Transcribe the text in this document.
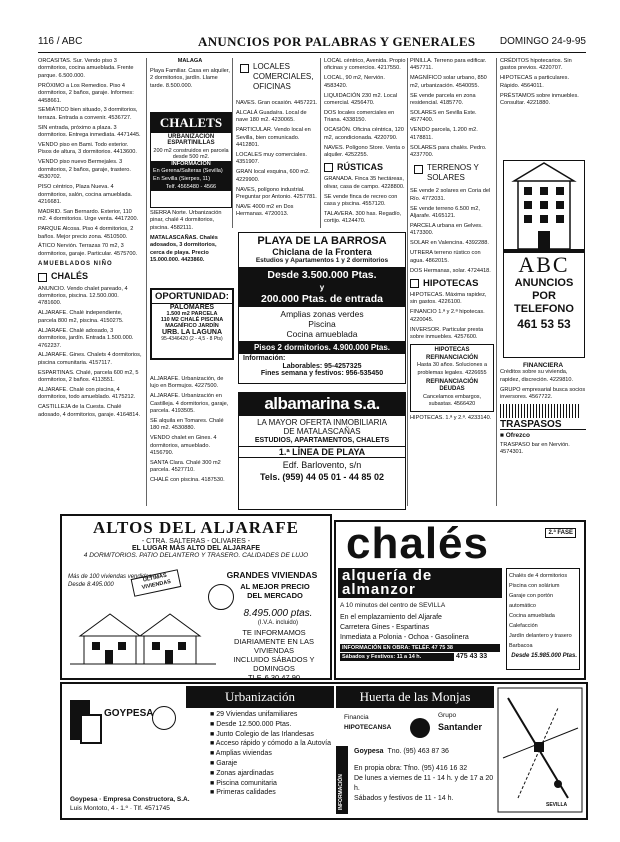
116 / ABC	ANUNCIOS POR PALABRAS Y GENERALES DOMINGO 24-9-95

ORCASITAS. Sur. Vendo piso 3 dormitorios, cocina amueblada. Frente parque. 6.500.000.

PRÓXIMO a Los Remedios. Piso 4 dormitorios, 2 baños, garaje. Informes: 4458661.

SEMIÁTICO bien situado, 3 dormitorios, terraza. Entrada a convenir. 4536727.

SIN entrada, próximo a plaza. 3 dormitorios. Entrega inmediata. 4471445.

VENDO piso en Bami. Todo exterior. Pisos de altura, 3 dormitorios. 4413600.

VENDO piso nuevo Bermejales. 3 dormitorios, 2 baños, garaje, trastero. 4530702.

PISO céntrico, Plaza Nueva. 4 dormitorios, salón, cocina amueblada. 4216681.

MADRID. San Bernardo. Exterior, 110 m2. 4 dormitorios. Urge venta. 4417200.

PARQUE Alcosa. Piso 4 dormitorios, 2 baños. Mejor precio zona. 4510500.

ÁTICO Nervión. Terrazas 70 m2, 3 dormitorios, garaje. Particular. 4575700.

AMUEBLADOS NIÑO
CHALÉS

ANUNCIO. Vendo chalet pareado, 4 dormitorios, piscina. 12.500.000. 4781600.

ALJARAFE. Chalé independiente, parcela 800 m2, piscina. 4150275.

ALJARAFE. Chalé adosado, 3 dormitorios, jardín. Entrada 1.500.000. 4762237.

ALJARAFE. Gines. Chalets 4 dormitorios, piscina comunitaria. 4157117.

ESPARTINAS. Chalé, parcela 600 m2, 5 dormitorios, 2 baños. 4113551.

ALJARAFE. Chalé con piscina, 4 dormitorios, todo amueblado. 4175212.

CASTILLEJA de la Cuesta. Chalé adosado, 4 dormitorios, garaje. 4164814.

MALAGA

Playa Familiar. Casa en alquiler, 2 dormitorios, jardín. Llame tarde. 8.500.000.

CHALETS
URBANIZACIÓN ESPARTINILLAS
200 m2 construidos en parcela desde 500 m2.
INFORMACIÓN
En Gerena/Salteras (Sevilla)
En Sevilla (Sierpes, 11)
Telf. 4565480 - 4566

SIERRA Norte. Urbanización pinar, chalé 4 dormitorios, piscina. 4582111.

MATALASCAÑAS. Chalés adosados, 3 dormitorios, cerca de playa. Precio 15.000.000. 4423860.

OPORTUNIDAD:
PALOMARES
1.500 m2 PARCELA
110 M2 CHALÉ PISCINA
MAGNÍFICO JARDÍN
URB. LA LAGUNA
95-4346420 (2 - 4,5 - 8 Pts)

ALJARAFE. Urbanización, de lujo en Bormujos. 4227500.

ALJARAFE. Urbanización en Castilleja. 4 dormitorios, garaje, parcela. 4193505.

SE alquila en Tomares. Chalé 180 m2. 4530880.

VENDO chalet en Gines. 4 dormitorios, amueblado. 4156790.

SANTA Clara. Chalé 300 m2 parcela. 4527710.

CHALÉ con piscina. 4187530.

LOCALES COMERCIALES, OFICINAS

NAVES. Gran ocasión. 4457221.

ALCALÁ Guadaíra. Local de nave 180 m2. 4230065.

PARTICULAR. Vendo local en Sevilla, bien comunicado. 4412801.

LOCALES muy comerciales. 4351907.

GRAN local esquina, 600 m2. 4229900.

NAVES, polígono industrial. Preguntar por Antonio. 4257781.

NAVE 4000 m2 en Dos Hermanas. 4720013.

LOCAL céntrico, Avenida. Propio oficinas y comercios. 4217550.

LOCAL, 90 m2, Nervión. 4583420.

LIQUIDACIÓN 230 m2. Local comercial. 4256470.

DOS locales comerciales en Triana. 4338150.

OCASIÓN. Oficina céntrica, 120 m2, acondicionada. 4220790.

NAVES. Polígono Store. Venta o alquiler. 4252255.

RÚSTICAS

GRANADA. Finca 35 hectáreas, olivar, casa de campo. 4228800.

SE vende finca de recreo con casa y piscina. 4557120.

TALAVERA. 300 has. Regadío, cortijo. 4124470.

PLAYA DE LA BARROSA
Chiclana de la Frontera
Estudios y Apartamentos 1 y 2 dormitorios
Desde 3.500.000 Ptas.
y
200.000 Ptas. de entrada
Amplias zonas verdes
Piscina
Cocina amueblada
Pisos 2 dormitorios. 4.900.000 Ptas.
Información:
Laborables: 95-4257325
Fines semana y festivos: 956-535450
albamarina s.a.
LA MAYOR OFERTA INMOBILIARIA
DE MATALASCAÑAS
ESTUDIOS, APARTAMENTOS, CHALETS
1.ª LÍNEA DE PLAYA
Edf. Barlovento, s/n
Tels. (959) 44 05 01 - 44 85 02

PINILLA. Terreno para edificar. 4457711.

MAGNÍFICO solar urbano, 850 m2, urbanización. 4540055.

SE vende parcela en zona residencial. 4185770.

SOLARES en Sevilla Este. 4577400.

VENDO parcela, 1.200 m2. 4178811.

SOLARES para chalés. Pedro. 4237700.

TERRENOS Y SOLARES

SE vende 2 solares en Coria del Río. 4772031.

SE vende terreno 6.500 m2, Aljarafe. 4165121.

PARCELA urbana en Gelves. 4173300.

SOLAR en Valencina. 4392288.

UTRERA terreno rústico con agua. 4862015.

DOS Hermanas, solar. 4724418.

HIPOTECAS

HIPOTECAS. Máxima rapidez, sin gastos. 4226100.

FINANCIO 1.ª y 2.ª hipotecas. 4220045.

INVERSOR. Particular presta sobre inmuebles. 4257600.

HIPOTECAS
REFINANCIACIÓN
Hasta 30 años. Soluciones a problemas legales. 4226655
REFINANCIACIÓN
DEUDAS
Cancelamos embargos, subastas. 4566420

HIPOTECAS. 1.ª y 2.ª. 4233140.

CRÉDITOS hipotecarios. Sin gastos previos. 4220707.

HIPOTECAS a particulares. Rápido. 4564011.

PRÉSTAMOS sobre inmuebles. Consultar. 4221880.

ABC
ANUNCIOS
POR
TELEFONO
461 53 53
FINANCIERA

Créditos sobre su vivienda, rapidez, discreción. 4229810.

GRUPO empresarial busca socios inversores. 4567722.

TRASPASOS
■ Ofrezco

TRASPASO bar en Nervión. 4574301.

ALTOS DEL ALJARAFE
- CTRA. SALTERAS - OLIVARES -
EL LUGAR MÁS ALTO DEL ALJARAFE
4 DORMITORIOS. PATIO DELANTERO Y TRASERO. CALIDADES DE LUJO
Más de 100 viviendas vendidas
Desde 8.495.000
ÚLTIMAS VIVIENDAS
GRANDES VIVIENDAS
AL MEJOR PRECIO DEL MERCADO
8.495.000 ptas.
(I.V.A. incluido)
TE INFORMAMOS
DIARIAMENTE EN LAS VIVIENDAS
INCLUIDO SÁBADOS Y DOMINGOS
TLF. 6 30 47 90
chalés	2.ª FASE
alquería de almanzor
A 10 minutos del centro de SEVILLA
En el emplazamiento del Aljarafe
Carretera Gines - Espartinas
Inmediata a Polonia - Ochoa - Gasolinera
INFORMACIÓN EN OBRA: TELÉF. 47 75 38
Sábados y Festivos: 11 a 14 h.	475 43 33
Chalés de 4 dormitorios
Piscina con solárium
Garaje con portón automático
Cocina amueblada
Calefacción
Jardín delantero y trasero
Barbacoa
Desde 15.985.000 Ptas.
GOYPESA
Urbanización	Huerta de las Monjas
■ 29 Viviendas unifamiliares
■ Desde 12.500.000 Ptas.
■ Junto Colegio de las Irlandesas
■ Acceso rápido y cómodo a la Autovía
■ Amplias viviendas
■ Garaje
■ Zonas ajardinadas
■ Piscina comunitaria
■ Primeras calidades
Goypesa · Empresa Constructora, S.A.
Luis Montoto, 4 - 1.º · Tlf. 4571745
Financia
HIPOTECANSA
Grupo
Santander
INFORMACIÓN
Goypesa Tno. (95) 463 87 36
En propia obra: Tfno. (95) 416 16 32
De lunes a viernes de 11 - 14 h. y de 17 a 20 h.
Sábados y festivos de 11 - 14 h.
SEVILLA
